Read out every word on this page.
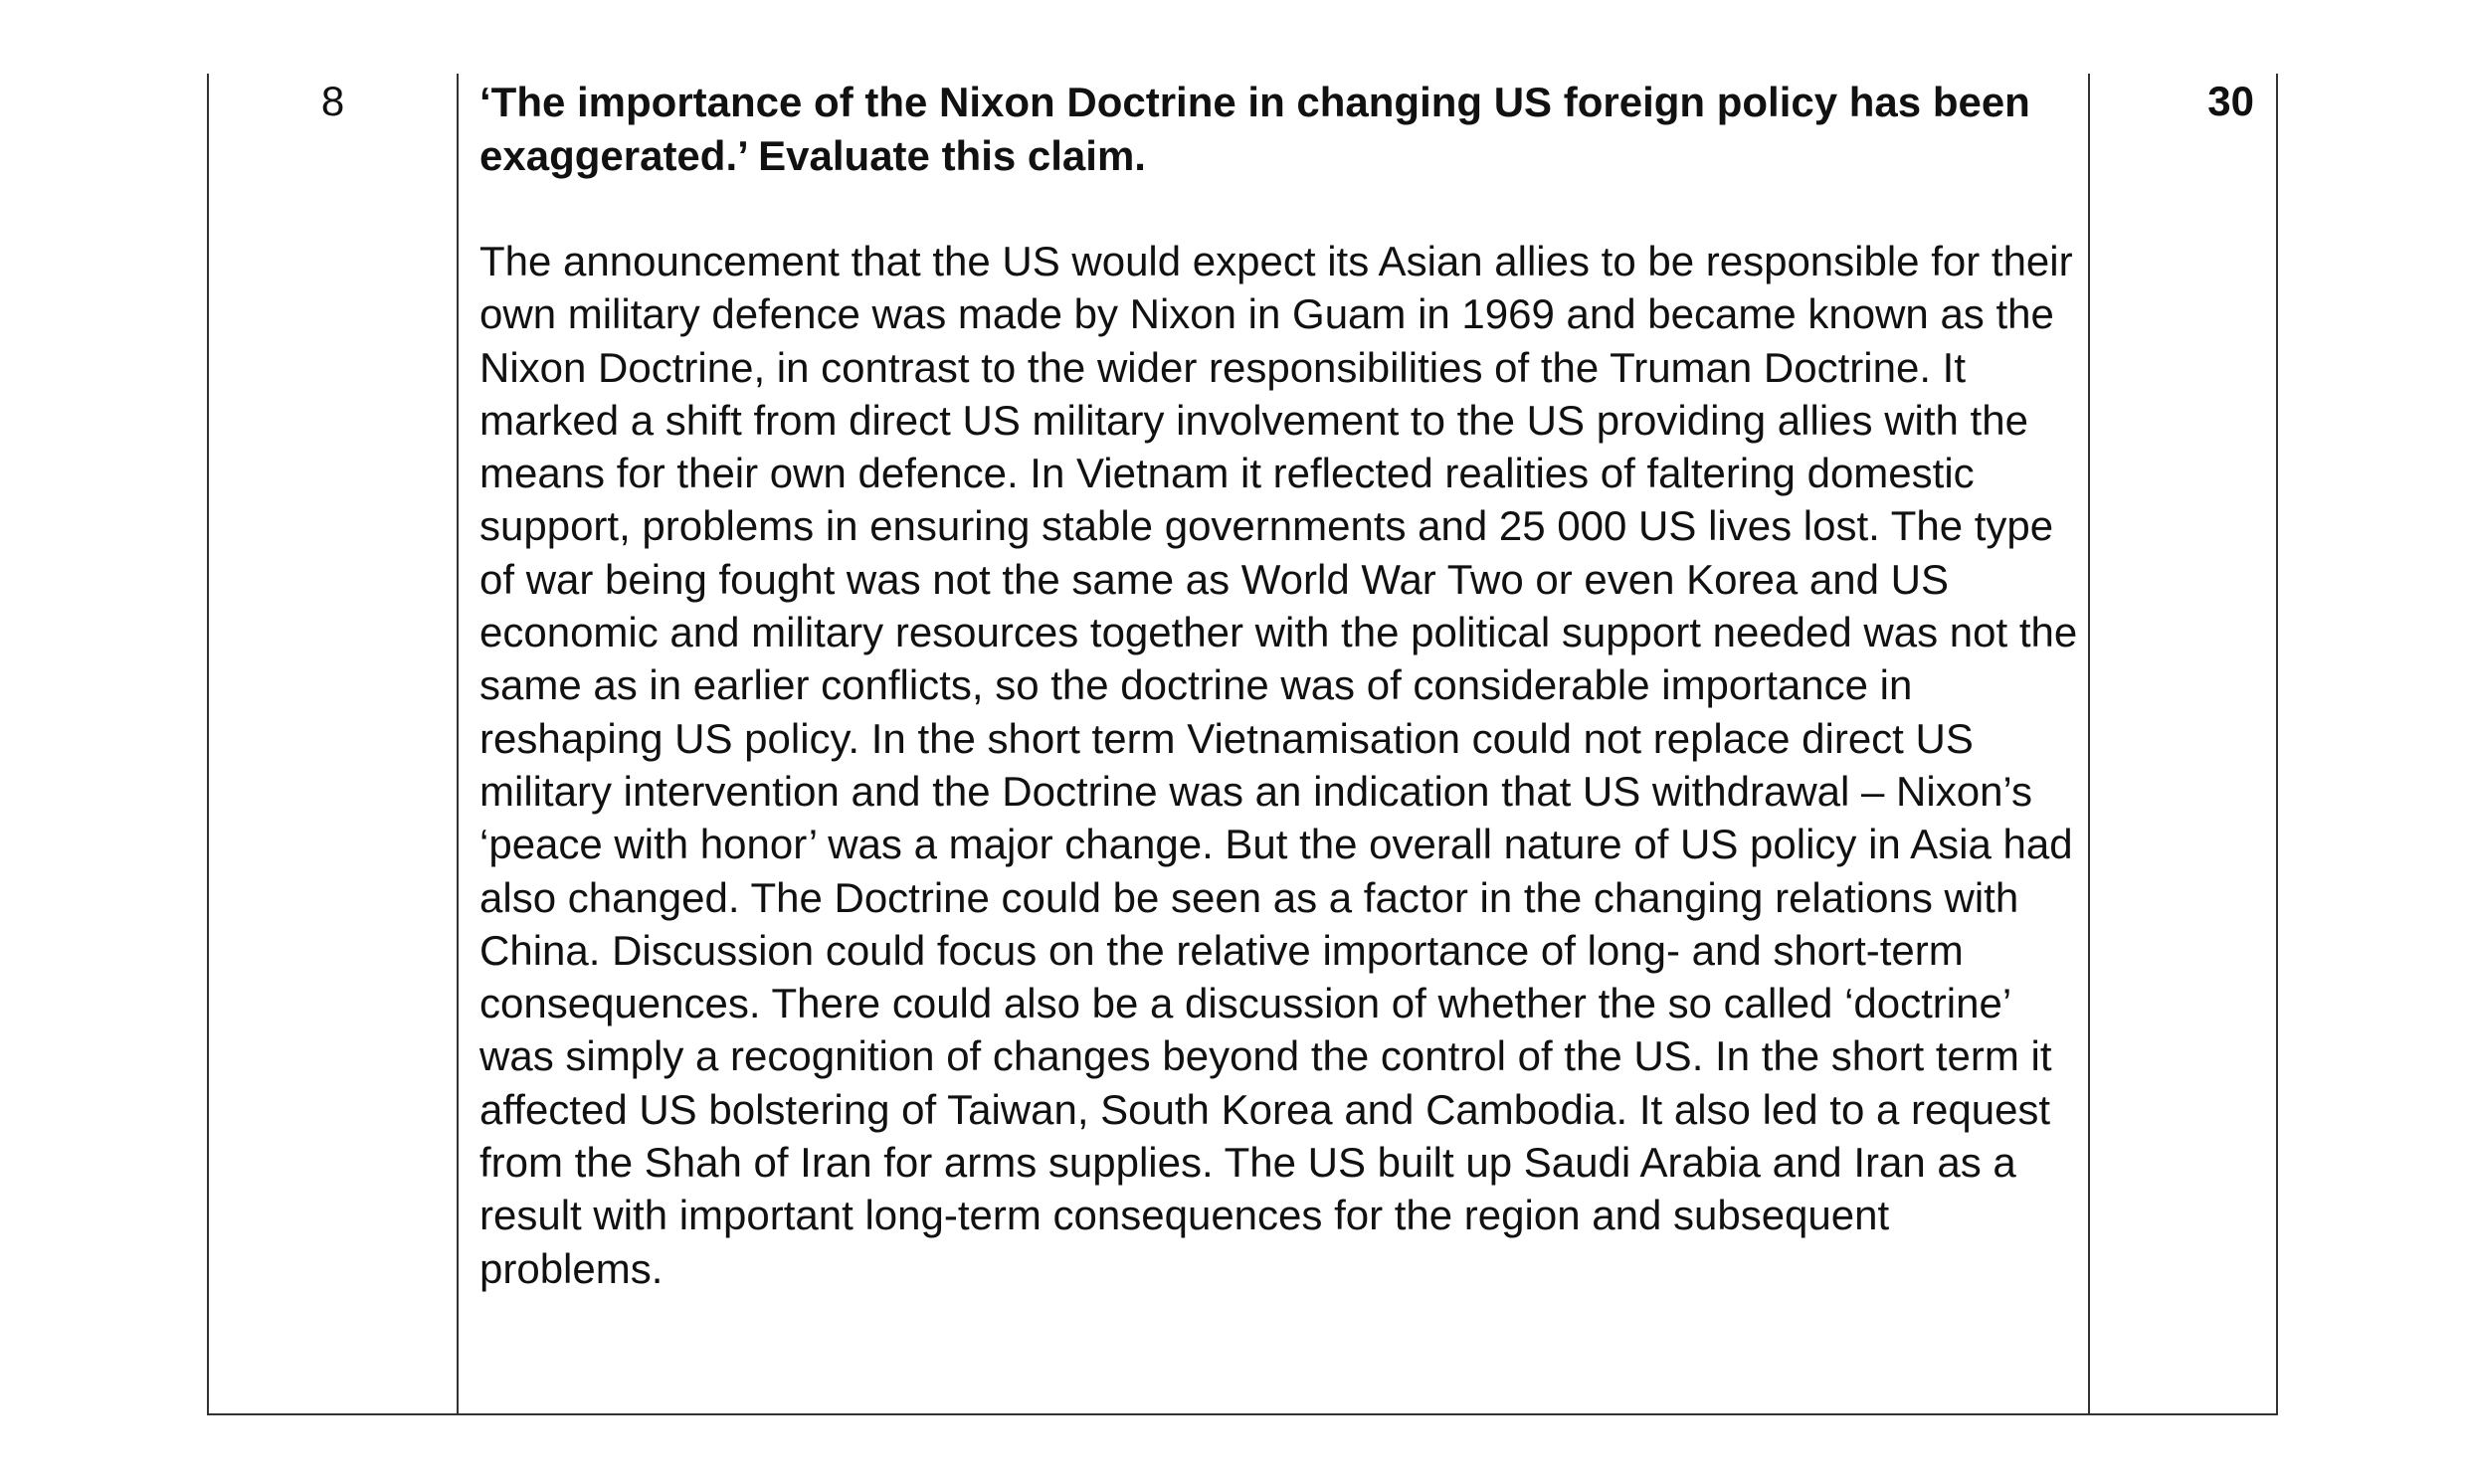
8	‘The importance of the Nixon Doctrine in changing US foreign policy has been exaggerated.’ Evaluate this claim.

The announcement that the US would expect its Asian allies to be responsible for their own military defence was made by Nixon in Guam in 1969 and became known as the Nixon Doctrine, in contrast to the wider responsibilities of the Truman Doctrine. It marked a shift from direct US military involvement to the US providing allies with the means for their own defence. In Vietnam it reflected realities of faltering domestic support, problems in ensuring stable governments and 25 000 US lives lost. The type of war being fought was not the same as World War Two or even Korea and US economic and military resources together with the political support needed was not the same as in earlier conflicts, so the doctrine was of considerable importance in reshaping US policy. In the short term Vietnamisation could not replace direct US military intervention and the Doctrine was an indication that US withdrawal – Nixon’s ‘peace with honor’ was a major change. But the overall nature of US policy in Asia had also changed. The Doctrine could be seen as a factor in the changing relations with China. Discussion could focus on the relative importance of long- and short-term consequences. There could also be a discussion of whether the so called ‘doctrine’ was simply a recognition of changes beyond the control of the US. In the short term it affected US bolstering of Taiwan, South Korea and Cambodia. It also led to a request from the Shah of Iran for arms supplies. The US built up Saudi Arabia and Iran as a result with important long-term consequences for the region and subsequent problems.

30
